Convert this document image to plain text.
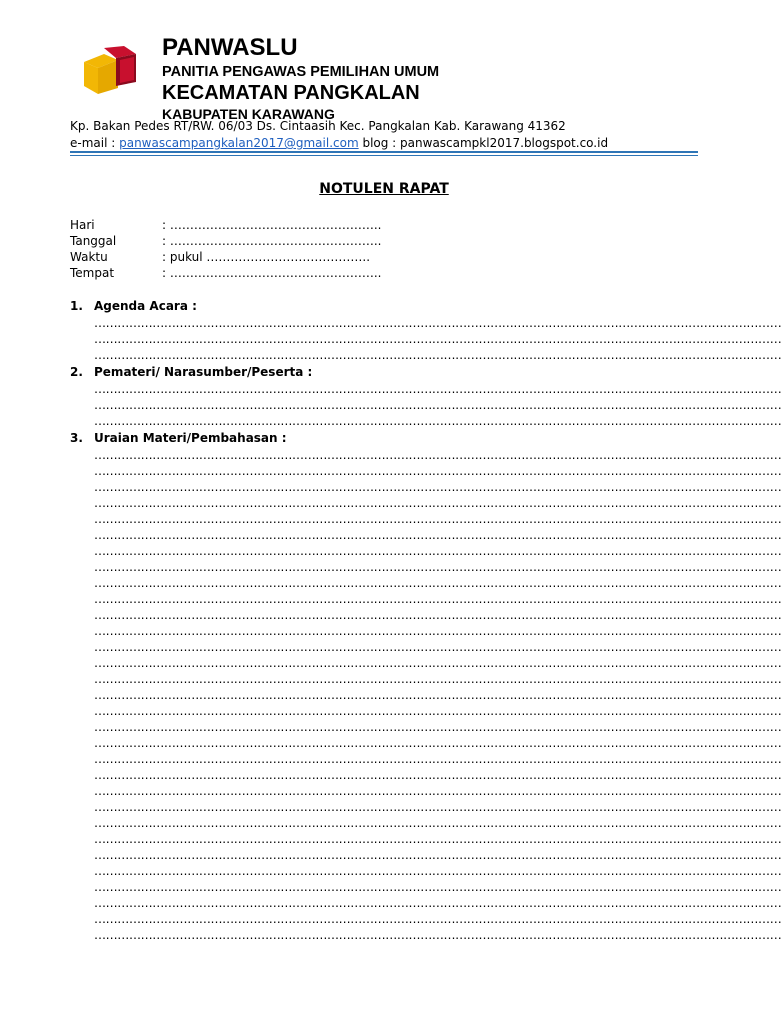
PANWASLU
PANITIA PENGAWAS PEMILIHAN UMUM
KECAMATAN PANGKALAN
KABUPATEN KARAWANG
Kp. Bakan Pedes RT/RW. 06/03 Ds. Cintaasih Kec. Pangkalan Kab. Karawang 41362
e-mail : panwascampangkalan2017@gmail.com blog : panwascampkl2017.blogspot.co.id
NOTULEN RAPAT
Hari	: ……………………………………………..
Tanggal	: ……………………………………………..
Waktu	: pukul …………………………………..
Tempat	: ……………………………………………..
1. Agenda Acara :
……………………………………………………………………………………………………………………………………………………………
……………………………………………………………………………………………………………………………………………………………
……………………………………………………………………………………………………………………………………………………………
2. Pemateri/ Narasumber/Peserta :
……………………………………………………………………………………………………………………………………………………………
……………………………………………………………………………………………………………………………………………………………
……………………………………………………………………………………………………………………………………………………………
3. Uraian Materi/Pembahasan :
……………………………………………………………………………………………………………………………………………………………
……………………………………………………………………………………………………………………………………………………………
……………………………………………………………………………………………………………………………………………………………
……………………………………………………………………………………………………………………………………………………………
……………………………………………………………………………………………………………………………………………………………
……………………………………………………………………………………………………………………………………………………………
……………………………………………………………………………………………………………………………………………………………
……………………………………………………………………………………………………………………………………………………………
……………………………………………………………………………………………………………………………………………………………
……………………………………………………………………………………………………………………………………………………………
……………………………………………………………………………………………………………………………………………………………
……………………………………………………………………………………………………………………………………………………………
……………………………………………………………………………………………………………………………………………………………
……………………………………………………………………………………………………………………………………………………………
……………………………………………………………………………………………………………………………………………………………
……………………………………………………………………………………………………………………………………………………………
……………………………………………………………………………………………………………………………………………………………
……………………………………………………………………………………………………………………………………………………………
……………………………………………………………………………………………………………………………………………………………
……………………………………………………………………………………………………………………………………………………………
……………………………………………………………………………………………………………………………………………………………
……………………………………………………………………………………………………………………………………………………………
……………………………………………………………………………………………………………………………………………………………
……………………………………………………………………………………………………………………………………………………………
……………………………………………………………………………………………………………………………………………………………
……………………………………………………………………………………………………………………………………………………………
……………………………………………………………………………………………………………………………………………………………
……………………………………………………………………………………………………………………………………………………………
……………………………………………………………………………………………………………………………………………………………
……………………………………………………………………………………………………………………………………………………………
……………………………………………………………………………………………………………………………………………………………
